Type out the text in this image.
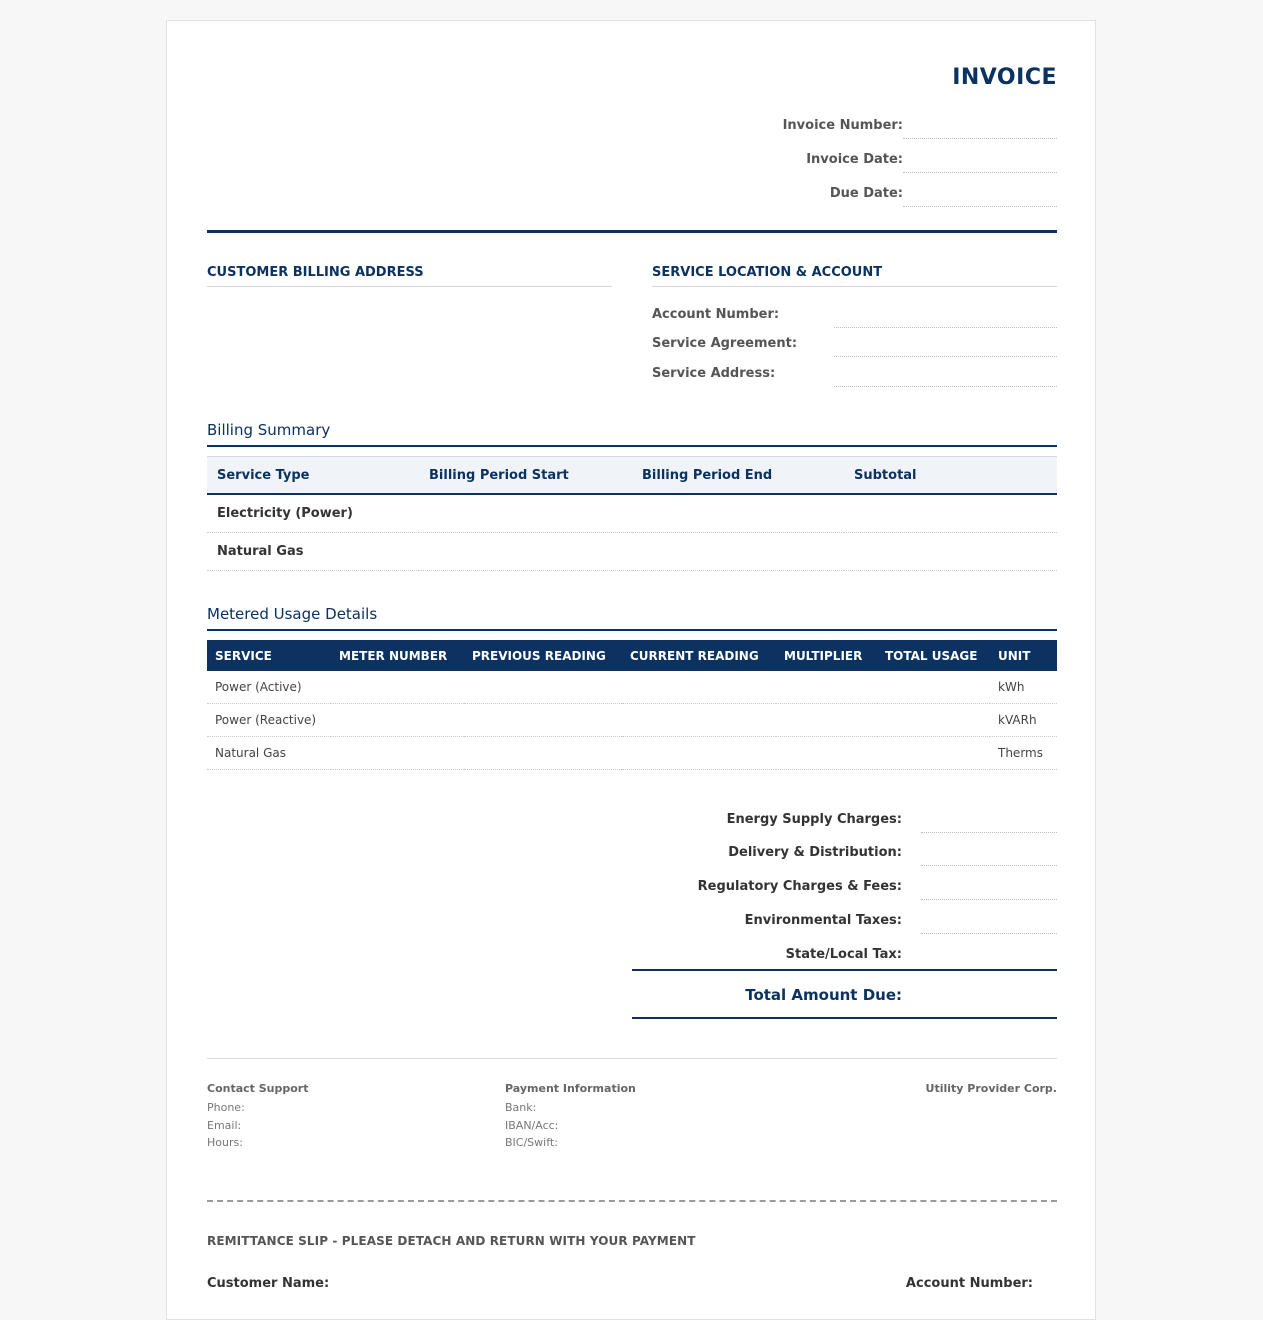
INVOICE
Invoice Number:
Invoice Date:
Due Date:
CUSTOMER BILLING ADDRESS	SERVICE LOCATION & ACCOUNT
Account Number:
Service Agreement:
Service Address:
Billing Summary
Service Type	Billing Period Start	Billing Period End	Subtotal
Electricity (Power)			
Natural Gas			
Metered Usage Details
SERVICE	METER NUMBER	PREVIOUS READING	CURRENT READING	MULTIPLIER	TOTAL USAGE	UNIT
Power (Active)						kWh
Power (Reactive)						kVARh
Natural Gas						Therms
Energy Supply Charges:
Delivery & Distribution:
Regulatory Charges & Fees:
Environmental Taxes:
State/Local Tax:
Total Amount Due:
Contact Support
Phone:
Email:
Hours:
Payment Information
Bank:
IBAN/Acc:
BIC/Swift:
Utility Provider Corp.
REMITTANCE SLIP - PLEASE DETACH AND RETURN WITH YOUR PAYMENT
Customer Name:	Account Number:
